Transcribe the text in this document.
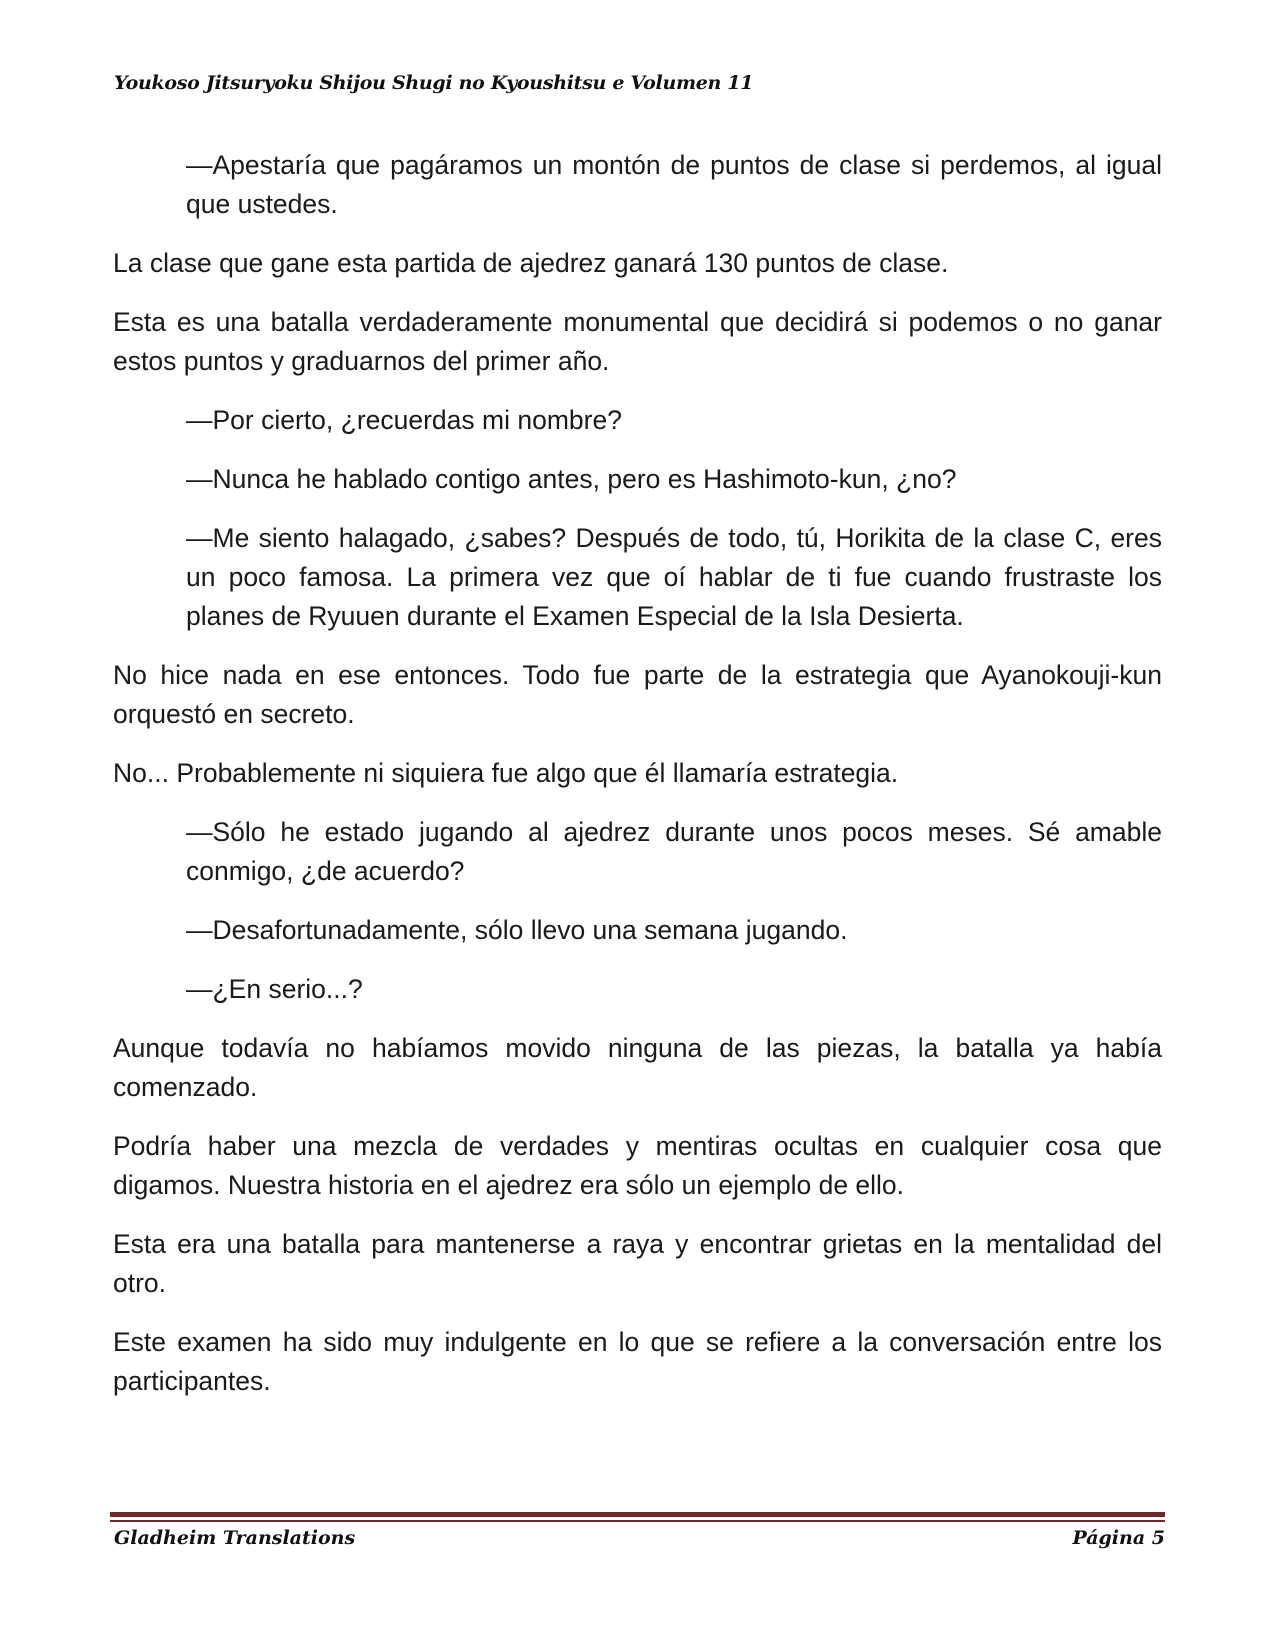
Youkoso Jitsuryoku Shijou Shugi no Kyoushitsu e Volumen 11

—Apestaría que pagáramos un montón de puntos de clase si perdemos, al igual que ustedes.

La clase que gane esta partida de ajedrez ganará 130 puntos de clase.

Esta es una batalla verdaderamente monumental que decidirá si podemos o no ganar estos puntos y graduarnos del primer año.

—Por cierto, ¿recuerdas mi nombre?

—Nunca he hablado contigo antes, pero es Hashimoto-kun, ¿no?

—Me siento halagado, ¿sabes? Después de todo, tú, Horikita de la clase C, eres un poco famosa. La primera vez que oí hablar de ti fue cuando frustraste los planes de Ryuuen durante el Examen Especial de la Isla Desierta.

No hice nada en ese entonces. Todo fue parte de la estrategia que Ayanokouji-kun orquestó en secreto.

No... Probablemente ni siquiera fue algo que él llamaría estrategia.

—Sólo he estado jugando al ajedrez durante unos pocos meses. Sé amable conmigo, ¿de acuerdo?

—Desafortunadamente, sólo llevo una semana jugando.

—¿En serio...?

Aunque todavía no habíamos movido ninguna de las piezas, la batalla ya había comenzado.

Podría haber una mezcla de verdades y mentiras ocultas en cualquier cosa que digamos. Nuestra historia en el ajedrez era sólo un ejemplo de ello.

Esta era una batalla para mantenerse a raya y encontrar grietas en la mentalidad del otro.

Este examen ha sido muy indulgente en lo que se refiere a la conversación entre los participantes.

Gladheim Translations	Página 5
